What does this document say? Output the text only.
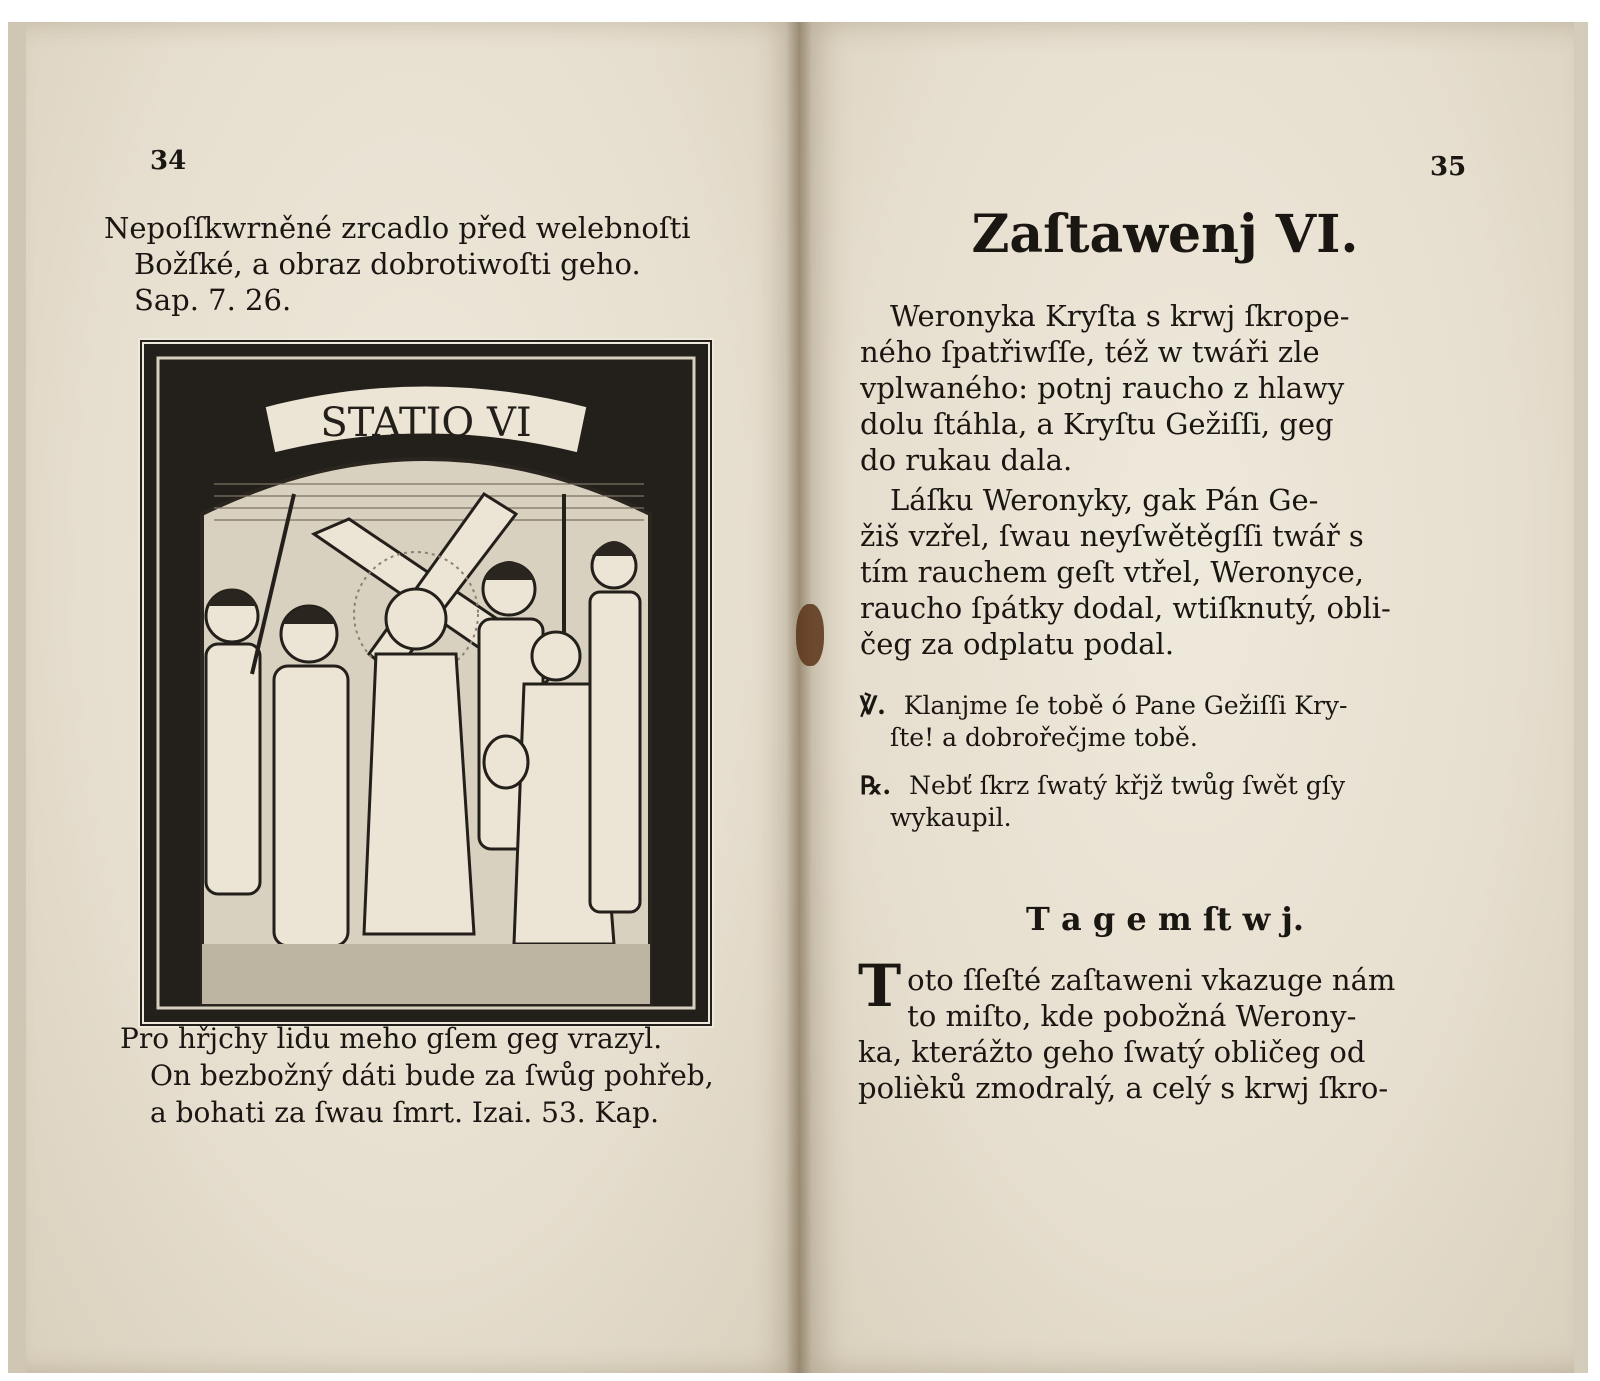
34

Nepoſſkwrněné zrcadlo před welebnoſti

Božſké, a obraz dobrotiwoſti geho.

Sap. 7. 26.

STATIO VI

Pro hřjchy lidu meho gſem geg vrazyl.

On bezbožný dáti bude za ſwůg pohřeb,

a bohati za ſwau ſmrt. Izai. 53. Kap.

35
Zaſtawenj VI.

Weronyka Kryſta s krwj ſkrope-

ného ſpatřiwſſe, též w twáři zle

vplwaného: potnj raucho z hlawy

dolu ſtáhla, a Kryſtu Gežiſſi, geg

do rukau dala.

Láſku Weronyky, gak Pán Ge-

žiš vzřel, ſwau neyſwětěgſſi twář s

tím rauchem geſt vtřel, Weronyce,

raucho ſpátky dodal, wtiſknutý, obli-

čeg za odplatu podal.

℣. Klanjme ſe tobě ó Pane Gežiſſi Kry-
ſte! a dobrořečjme tobě.
℞. Nebť ſkrz ſwatý křjž twůg ſwět gſy
wykaupil.
T a g e m ſt w j.
T oto ſſeſté zaſtaweni vkazuge nám

to miſto, kde pobožná Werony-

ka, kterážto geho ſwatý obličeg od

polièků zmodralý, a celý s krwj ſkro-
